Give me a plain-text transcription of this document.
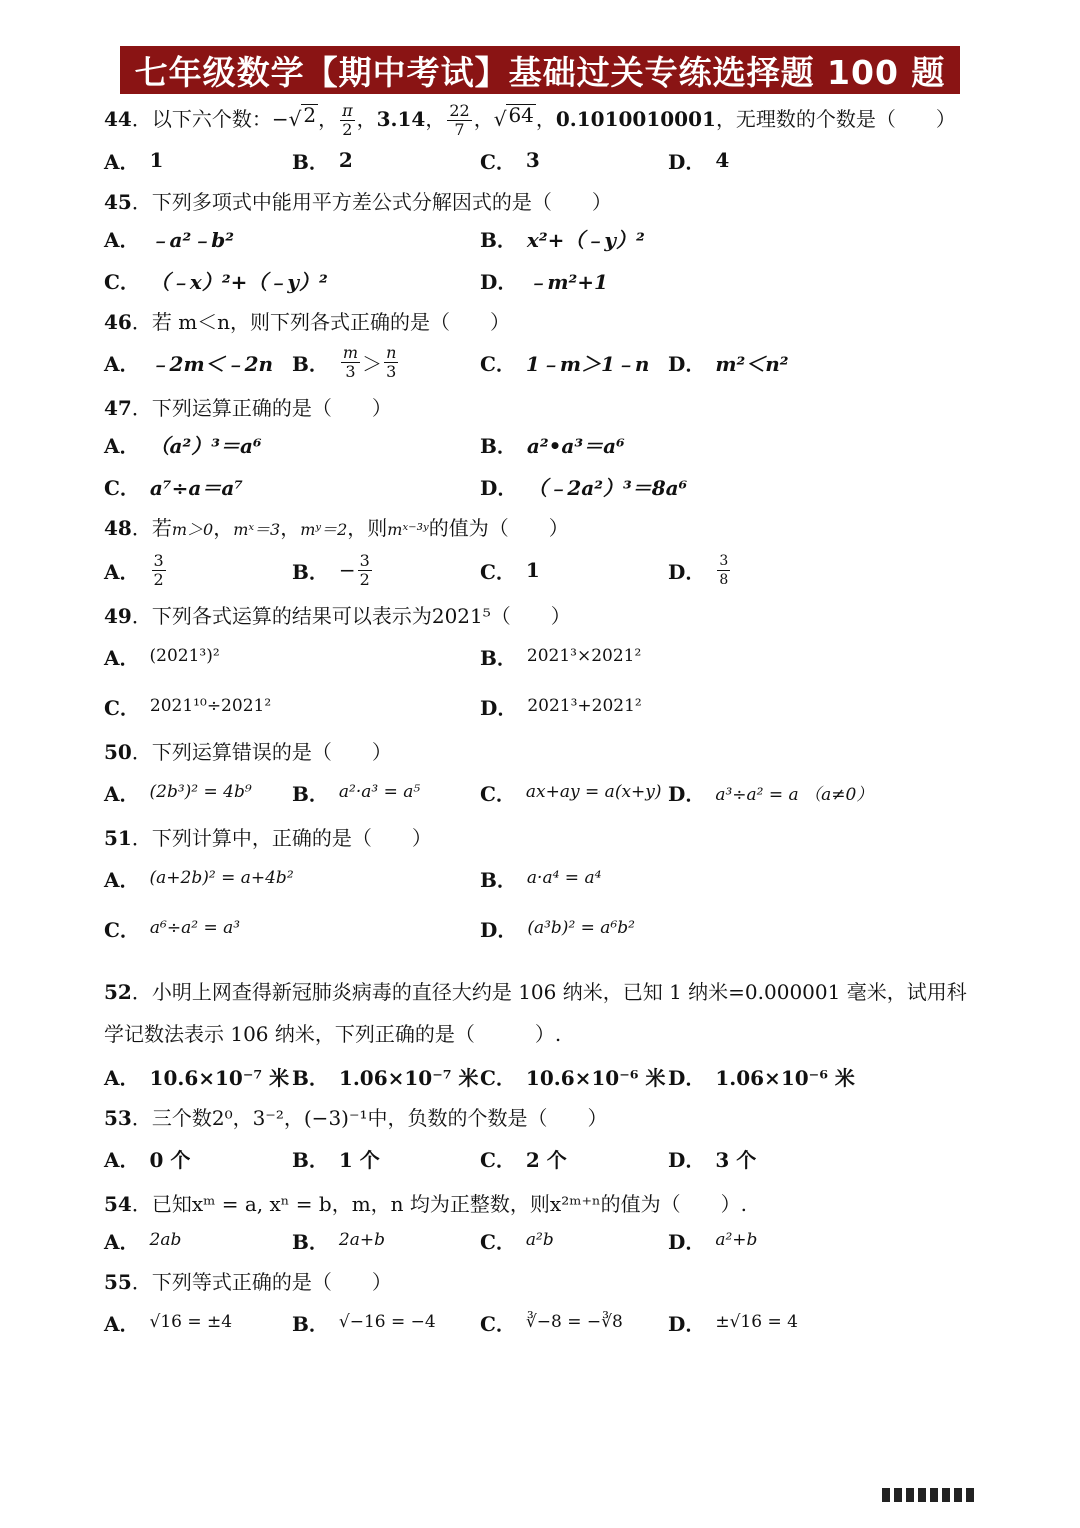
七年级数学【期中考试】基础过关专练选择题 100 题
44．以下六个数：−√ 2 ， $\frac{\pi}{2}$ ，3.14， $\frac{22}{7}$ ，√ 64 ，0.1010010001，无理数的个数是（　　）
A． 1	B． 2	C． 3	D． 4
45．下列多项式中能用平方差公式分解因式的是（　　）
A． ﹣a²﹣b²	B． x²+（﹣y）²
C． （﹣x）²+（﹣y）²	D． ﹣m²+1
46．若 m＜n，则下列各式正确的是（　　）
A． ﹣2m＜﹣2n B． $\frac{m}{3} > \frac{n}{3}$	C． 1﹣m＞1﹣n D． m²＜n²
47．下列运算正确的是（　　）
A． （a²）³＝a⁶	B． a²•a³＝a⁶
C． a⁷÷a＝a⁷	D． （﹣2a²）³＝8a⁶
48．若m＞0，mˣ＝3，mʸ＝2，则mˣ⁻³ʸ的值为（　　）
A． $\frac{3}{2}$	B． − $\frac{3}{2}$	C． 1	D． $\frac{3}{8}$
49．下列各式运算的结果可以表示为2021⁵（　　）
A． (2021³)²	B． 2021³×2021²
C． 2021¹⁰÷2021²	D． 2021³+2021²
50．下列运算错误的是（　　）
A． (2b³)² = 4b⁹ B． a²·a³ = a⁵	C． ax+ay = a(x+y) D． a³÷a² = a （a≠0）
51．下列计算中，正确的是（　　）
A． (a+2b)² = a+4b²	B． a·a⁴ = a⁴
C． a⁶÷a² = a³	D． (a³b)² = a⁶b²
52．小明上网查得新冠肺炎病毒的直径大约是 106 纳米，已知 1 纳米=0.000001 毫米，试用科学记数法表示 106 纳米，下列正确的是（　　　）.
A． 10.6×10⁻⁷ 米 B． 1.06×10⁻⁷ 米 C． 10.6×10⁻⁶ 米 D． 1.06×10⁻⁶ 米
53．三个数2⁰，3⁻²，(−3)⁻¹中，负数的个数是（　　）
A． 0 个	B． 1 个	C． 2 个	D． 3 个
54．已知xᵐ = a, xⁿ = b，m，n 均为正整数，则x²ᵐ⁺ⁿ的值为（　　）.
A． 2ab	B． 2a+b	C． a²b	D． a²+b
55．下列等式正确的是（　　）
A． √16 = ±4	B． √−16 = −4 C． ∛−8 = −∛8 D． ±√16 = 4
